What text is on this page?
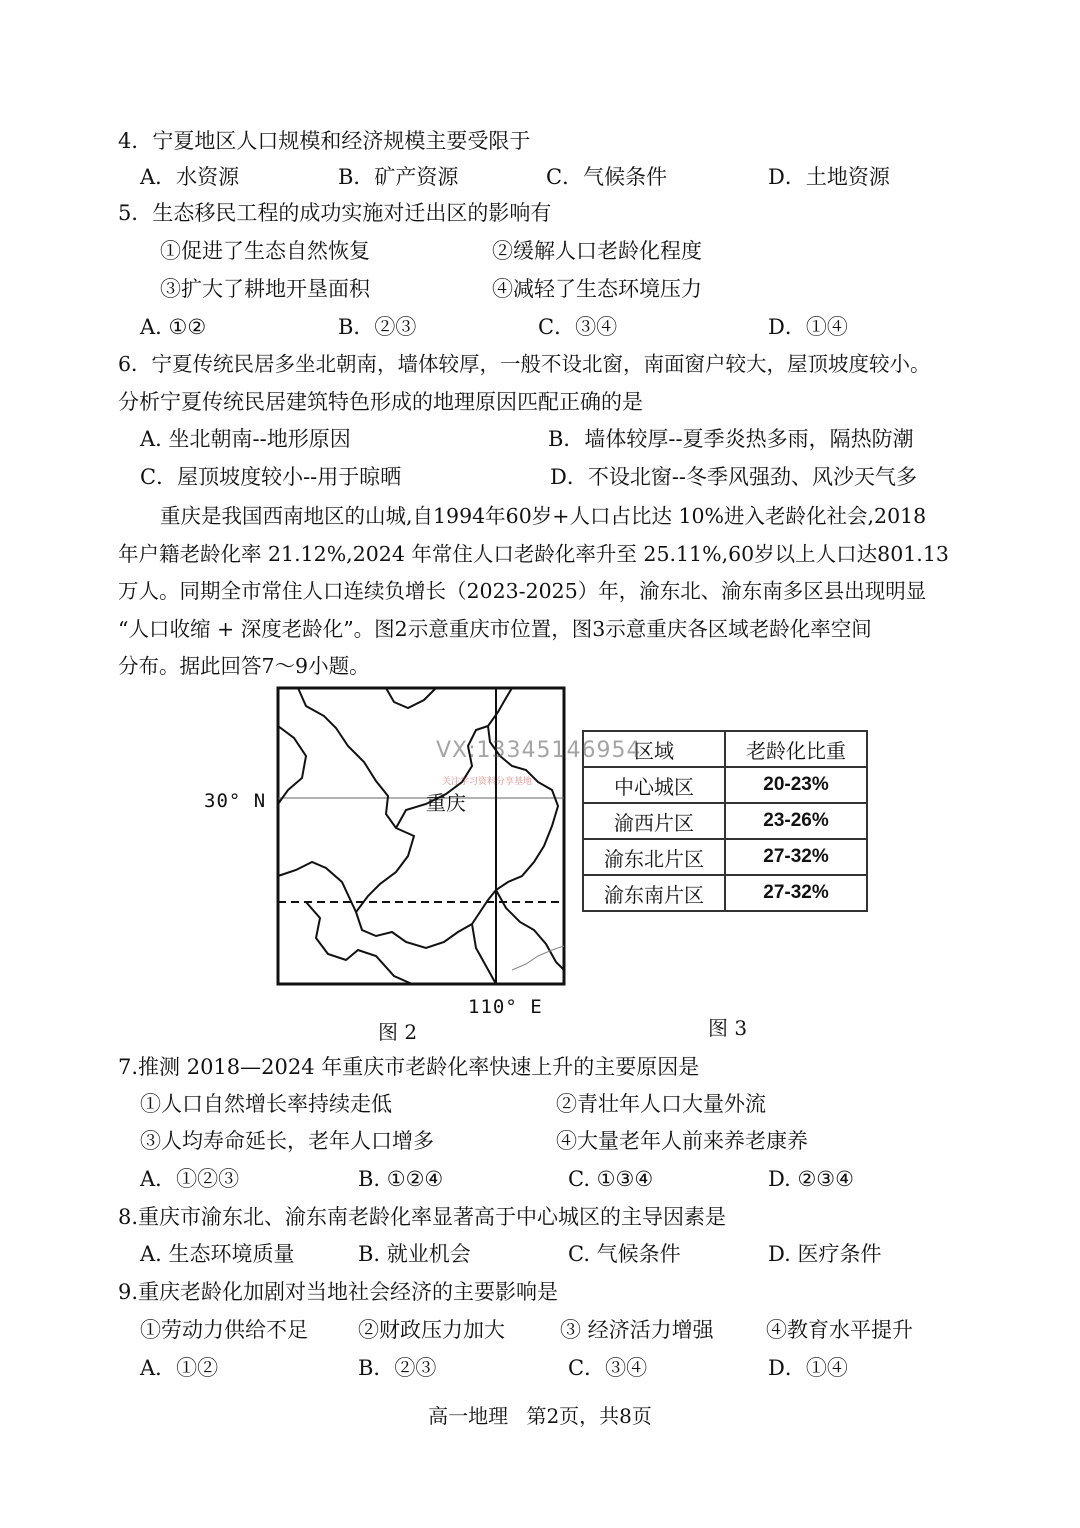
4．宁夏地区人口规模和经济规模主要受限于
A．水资源	B．矿产资源	C．气候条件	D．土地资源
5．生态移民工程的成功实施对迁出区的影响有
①促进了生态自然恢复	②缓解人口老龄化程度
③扩大了耕地开垦面积	④减轻了生态环境压力
A. ①②	B．②③	C．③④	D．①④
6．宁夏传统民居多坐北朝南，墙体较厚，一般不设北窗，南面窗户较大，屋顶坡度较小。
分析宁夏传统民居建筑特色形成的地理原因匹配正确的是
A. 坐北朝南--地形原因	B．墙体较厚--夏季炎热多雨，隔热防潮
C．屋顶坡度较小--用于晾晒	D．不设北窗--冬季风强劲、风沙天气多

重庆是我国西南地区的山城,自1994年60岁+人口占比达 10%进入老龄化社会,2018

年户籍老龄化率 21.12%,2024 年常住人口老龄化率升至 25.11%,60岁以上人口达801.13

万人。同期全市常住人口连续负增长（2023-2025）年，渝东北、渝东南多区县出现明显

“人口收缩 + 深度老龄化”。图2示意重庆市位置，图3示意重庆各区域老龄化率空间

分布。据此回答7～9小题。

30° N	重庆
110° E
图 2
区域	老龄化比重
中心城区	20-23%
渝西片区	23-26%
渝东北片区	27-32%
渝东南片区	27-32%
图 3
VX:13345146954
关注学习资料分享基地
7.推测 2018—2024 年重庆市老龄化率快速上升的主要原因是
①人口自然增长率持续走低	②青壮年人口大量外流
③人均寿命延长，老年人口增多	④大量老年人前来养老康养
A．①②③	B. ①②④	C. ①③④	D. ②③④
8.重庆市渝东北、渝东南老龄化率显著高于中心城区的主导因素是
A. 生态环境质量	B. 就业机会	C. 气候条件	D. 医疗条件
9.重庆老龄化加剧对当地社会经济的主要影响是
①劳动力供给不足 ②财政压力加大	③ 经济活力增强 ④教育水平提升
A．①②	B．②③	C．③④	D．①④
高一地理 第2页，共8页
